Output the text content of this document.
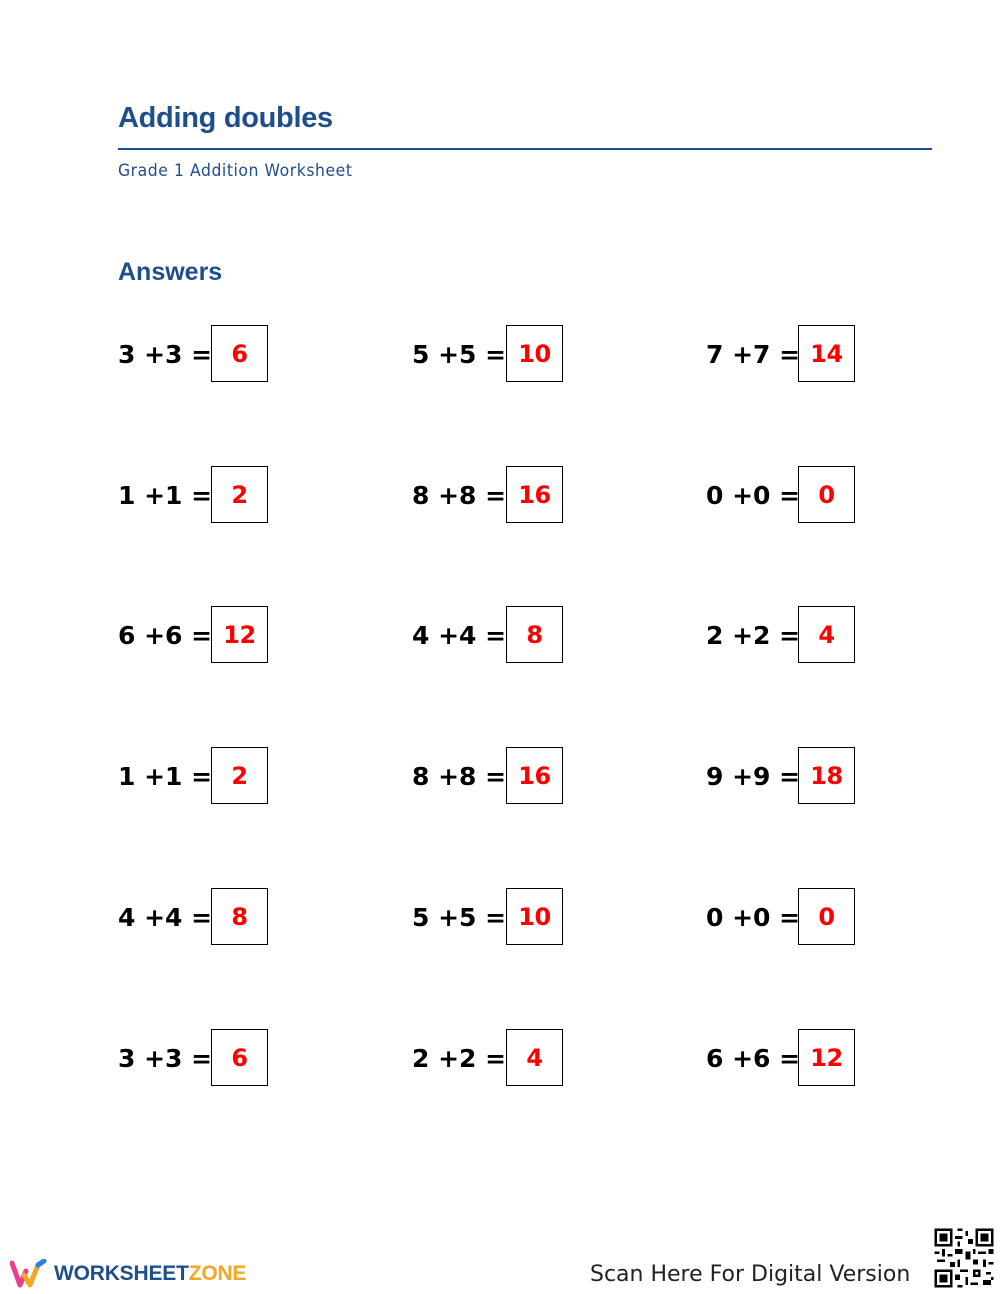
Adding doubles
Grade 1 Addition Worksheet
Answers
3 +3 = 6	5 +5 = 10	7 +7 = 14
1 +1 = 2	8 +8 = 16	0 +0 = 0
6 +6 = 12	4 +4 = 8	2 +2 = 4
1 +1 = 2	8 +8 = 16	9 +9 = 18
4 +4 = 8	5 +5 = 10	0 +0 = 0
3 +3 = 6	2 +2 = 4	6 +6 = 12
WORKSHEETZONE	Scan Here For Digital Version
